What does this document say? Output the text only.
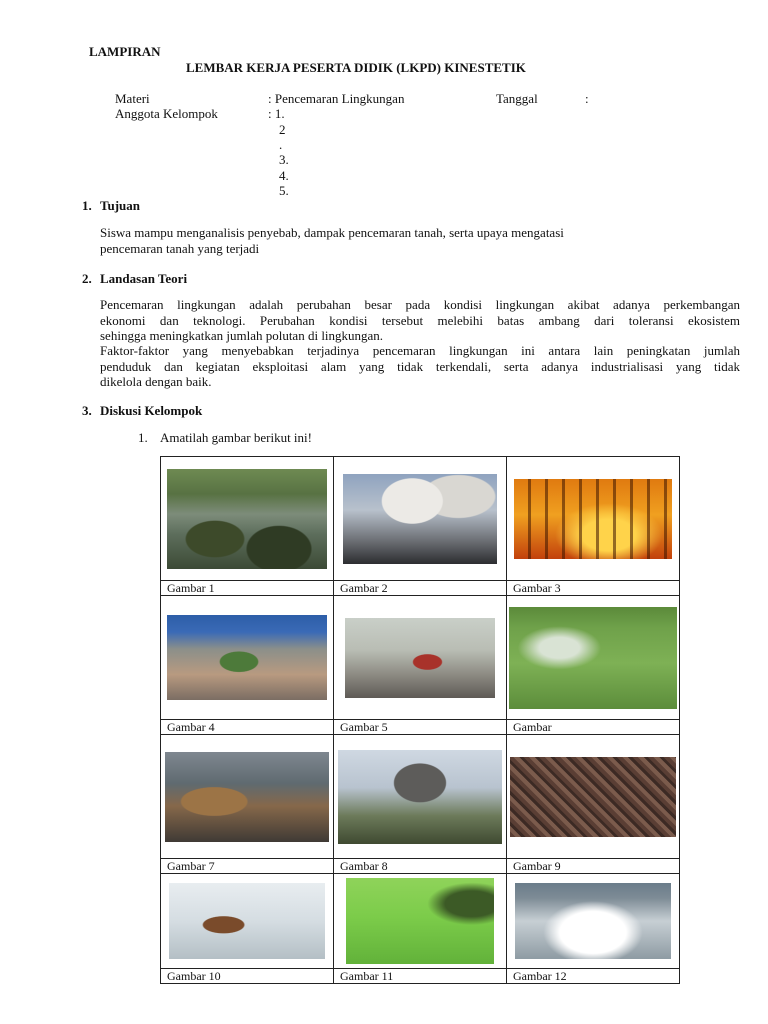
LAMPIRAN
LEMBAR KERJA PESERTA DIDIK (LKPD) KINESTETIK
Materi	: Pencemaran Lingkungan	Tanggal	:
Anggota Kelompok	: 1.
2
.
3.
4.
5.
1. Tujuan
Siswa mampu menganalisis penyebab, dampak pencemaran tanah, serta upaya mengatasi
pencemaran tanah yang terjadi
2. Landasan Teori
Pencemaran lingkungan adalah perubahan besar pada kondisi lingkungan akibat adanya perkembangan
ekonomi dan teknologi. Perubahan kondisi tersebut melebihi batas ambang dari toleransi ekosistem
sehingga meningkatkan jumlah polutan di lingkungan.
Faktor-faktor yang menyebabkan terjadinya pencemaran lingkungan ini antara lain peningkatan jumlah
penduduk dan kegiatan eksploitasi alam yang tidak terkendali, serta adanya industrialisasi yang tidak
dikelola dengan baik.
3. Diskusi Kelompok
1. Amatilah gambar berikut ini!

Gambar 1	Gambar 2	Gambar 3

Gambar 4	Gambar 5	Gambar

Gambar 7	Gambar 8	Gambar 9

Gambar 10	Gambar 11	Gambar 12
